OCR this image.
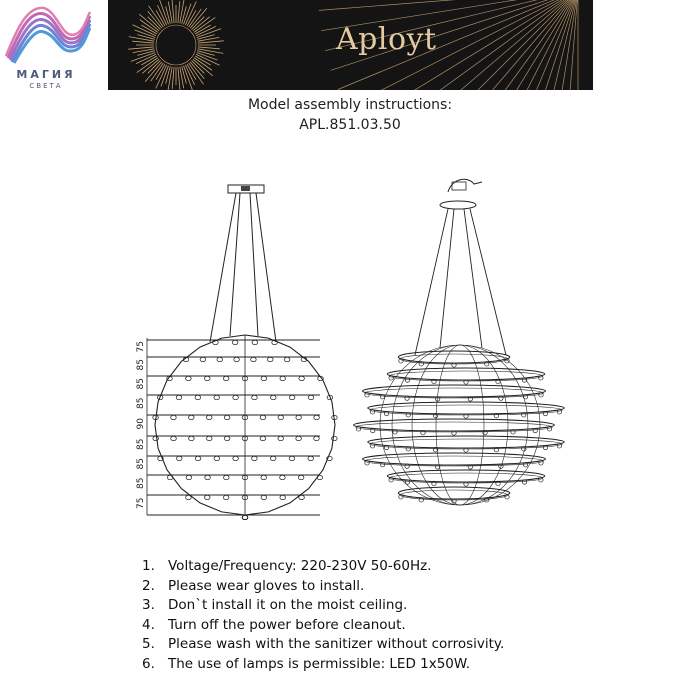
МАГИЯ
СВЕТА
Aployt
Model assembly instructions:
APL.851.03.50
75
85
85
85
90
85
85
85
75
1. Voltage/Frequency: 220-230V 50-60Hz.
2. Please wear gloves to install.
3. Don`t install it on the moist ceiling.
4. Turn off the power before cleanout.
5. Please wash with the sanitizer without corrosivity.
6. The use of lamps is permissible: LED 1x50W.
